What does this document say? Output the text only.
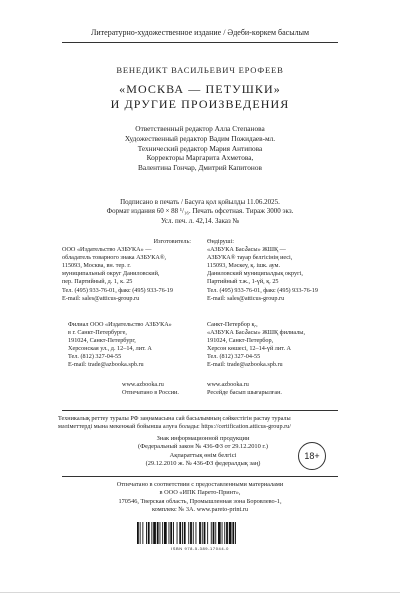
Литературно-художественное издание / Әдеби-көркем басылым
ВЕНЕДИКТ ВАСИЛЬЕВИЧ ЕРОФЕЕВ
«МОСКВА — ПЕТУШКИ»
И ДРУГИЕ ПРОИЗВЕДЕНИЯ
Ответственный редактор Алла Степанова
Художественный редактор Вадим Пожидаев-мл.
Технический редактор Мария Антипова
Корректоры Маргарита Ахметова,
Валентина Гончар, Дмитрий Капитонов
Подписано в печать / Басуға қол қойылды 11.06.2025.
Формат издания 60 × 88 ¹/₁₆. Печать офсетная. Тираж 3000 экз.
Усл. печ. л. 42,14. Заказ №
Изготовитель:
ООО «Издательство АЗБУКА» —
обладатель товарного знака АЗБУКА®,
115093, Москва, вн. тер. г.
муниципальный округ Даниловский,
пер. Партийный, д. 1, к. 25
Тел. (495) 933-76-01, факс (495) 933-76-19
E-mail: sales@atticus-group.ru
Өндіруші:
«АЗБУКА Басპасы» ЖШҚ —
АЗБУКА® тауар белгісінің иесі,
115093, Мәскеу, қ. ішк. аум.
Даниловский муниципалдық округі,
Партийный т.ж., 1-үй, қ. 25
Тел. (495) 933-76-01, факс (495) 933-76-19
E-mail: sales@atticus-group.ru
Филиал ООО «Издательство АЗБУКА»
в г. Санкт-Петербурге,
191024, Санкт-Петербург,
Херсонская ул., д. 12–14, лит. А
Тел. (812) 327-04-55
E-mail: trade@azbooka.spb.ru
Санкт-Петербор қ.,
«АЗБУКА Басპасы» ЖШҚ филиалы,
191024, Санкт-Петербор,
Херсон көшесі, 12–14-үй лит. А
Тел. (812) 327-04-55
E-mail: trade@azbooka.spb.ru
www.azbooka.ru
Отпечатано в России.
www.azbooka.ru
Ресейде басып шығарылған.
Техникалық реттеу туралы РФ заңнамасына сай басылымның сәйкестігін растау туралы
мәліметтерді мына мекенжай бойынша алуға болады: https://certification.atticus-group.ru/
Знак информационной продукции
(Федеральный закон № 436-ФЗ от 29.12.2010 г.)
Ақпараттық өнім белгісі
(29.12.2010 ж. № 436-ФЗ федералдық заң)
18+
Отпечатано в соответствии с предоставленными материалами
в ООО «ИПК Парето-Принт»,
170546, Тверская область, Промышленная зона Боровлево-1,
комплекс № 3А. www.pareto-print.ru
ISBN 978-5-389-17044-0
